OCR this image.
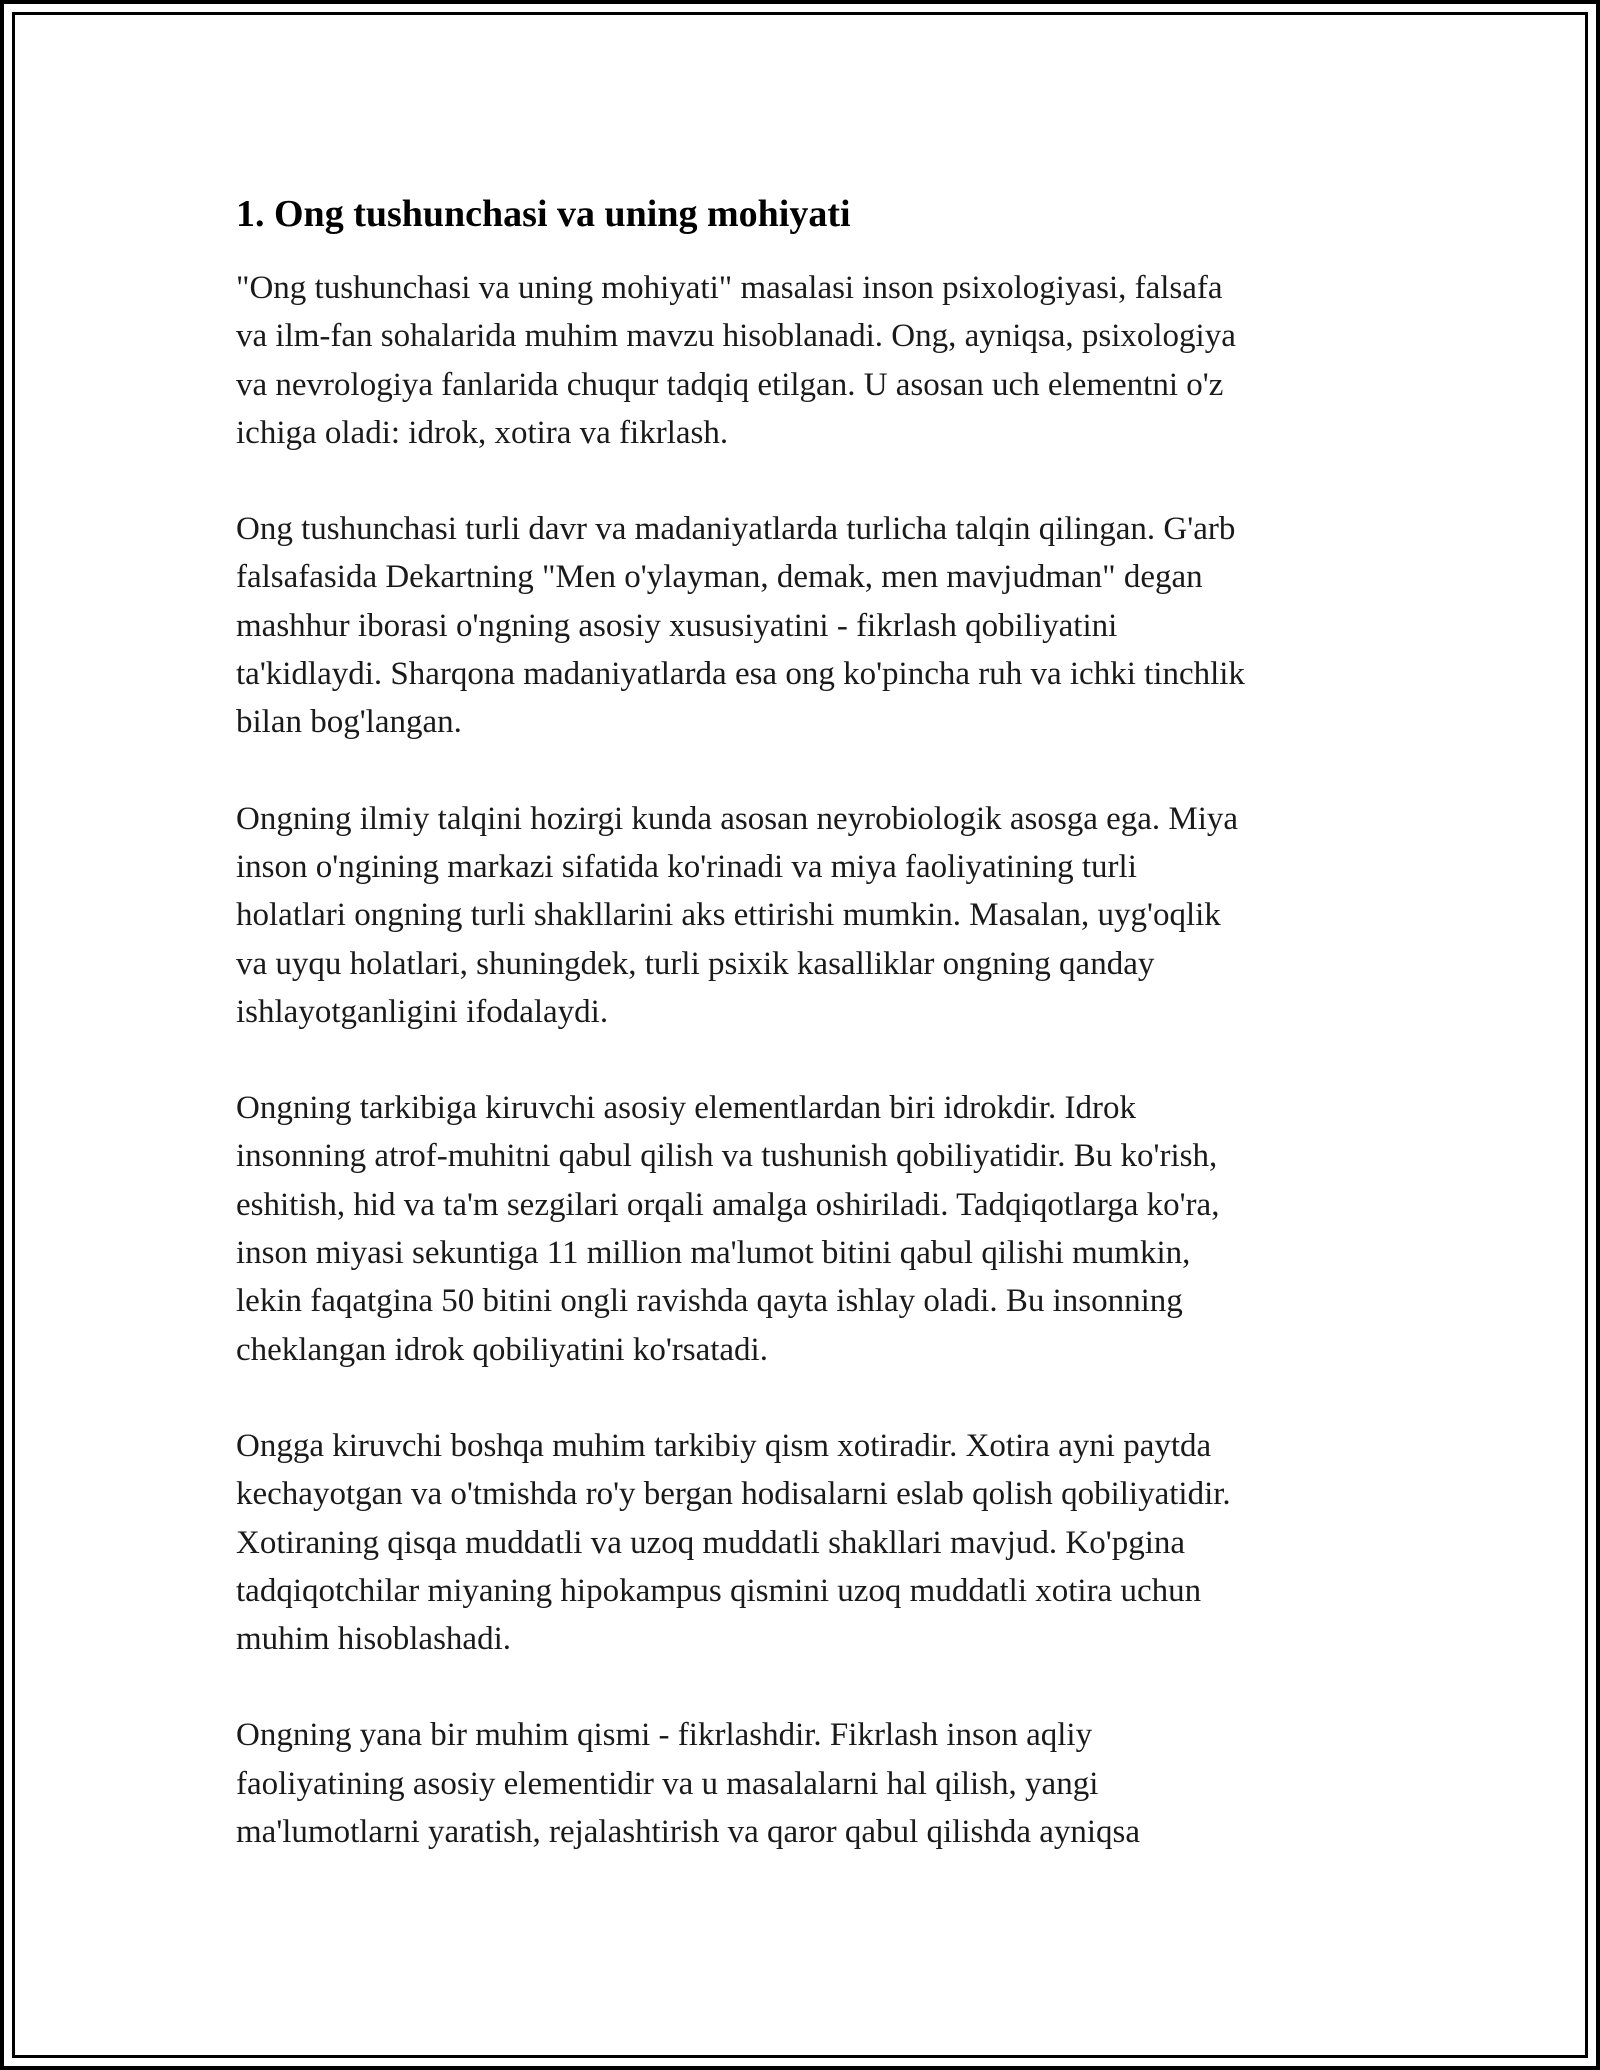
1. Ong tushunchasi va uning mohiyati

"Ong tushunchasi va uning mohiyati" masalasi inson psixologiyasi, falsafa
va ilm-fan sohalarida muhim mavzu hisoblanadi. Ong, ayniqsa, psixologiya
va nevrologiya fanlarida chuqur tadqiq etilgan. U asosan uch elementni o'z
ichiga oladi: idrok, xotira va fikrlash.

Ong tushunchasi turli davr va madaniyatlarda turlicha talqin qilingan. G'arb
falsafasida Dekartning "Men o'ylayman, demak, men mavjudman" degan
mashhur iborasi o'ngning asosiy xususiyatini - fikrlash qobiliyatini
ta'kidlaydi. Sharqona madaniyatlarda esa ong ko'pincha ruh va ichki tinchlik
bilan bog'langan.

Ongning ilmiy talqini hozirgi kunda asosan neyrobiologik asosga ega. Miya
inson o'ngining markazi sifatida ko'rinadi va miya faoliyatining turli
holatlari ongning turli shakllarini aks ettirishi mumkin. Masalan, uyg'oqlik
va uyqu holatlari, shuningdek, turli psixik kasalliklar ongning qanday
ishlayotganligini ifodalaydi.

Ongning tarkibiga kiruvchi asosiy elementlardan biri idrokdir. Idrok
insonning atrof-muhitni qabul qilish va tushunish qobiliyatidir. Bu ko'rish,
eshitish, hid va ta'm sezgilari orqali amalga oshiriladi. Tadqiqotlarga ko'ra,
inson miyasi sekuntiga 11 million ma'lumot bitini qabul qilishi mumkin,
lekin faqatgina 50 bitini ongli ravishda qayta ishlay oladi. Bu insonning
cheklangan idrok qobiliyatini ko'rsatadi.

Ongga kiruvchi boshqa muhim tarkibiy qism xotiradir. Xotira ayni paytda
kechayotgan va o'tmishda ro'y bergan hodisalarni eslab qolish qobiliyatidir.
Xotiraning qisqa muddatli va uzoq muddatli shakllari mavjud. Ko'pgina
tadqiqotchilar miyaning hipokampus qismini uzoq muddatli xotira uchun
muhim hisoblashadi.

Ongning yana bir muhim qismi - fikrlashdir. Fikrlash inson aqliy
faoliyatining asosiy elementidir va u masalalarni hal qilish, yangi
ma'lumotlarni yaratish, rejalashtirish va qaror qabul qilishda ayniqsa
